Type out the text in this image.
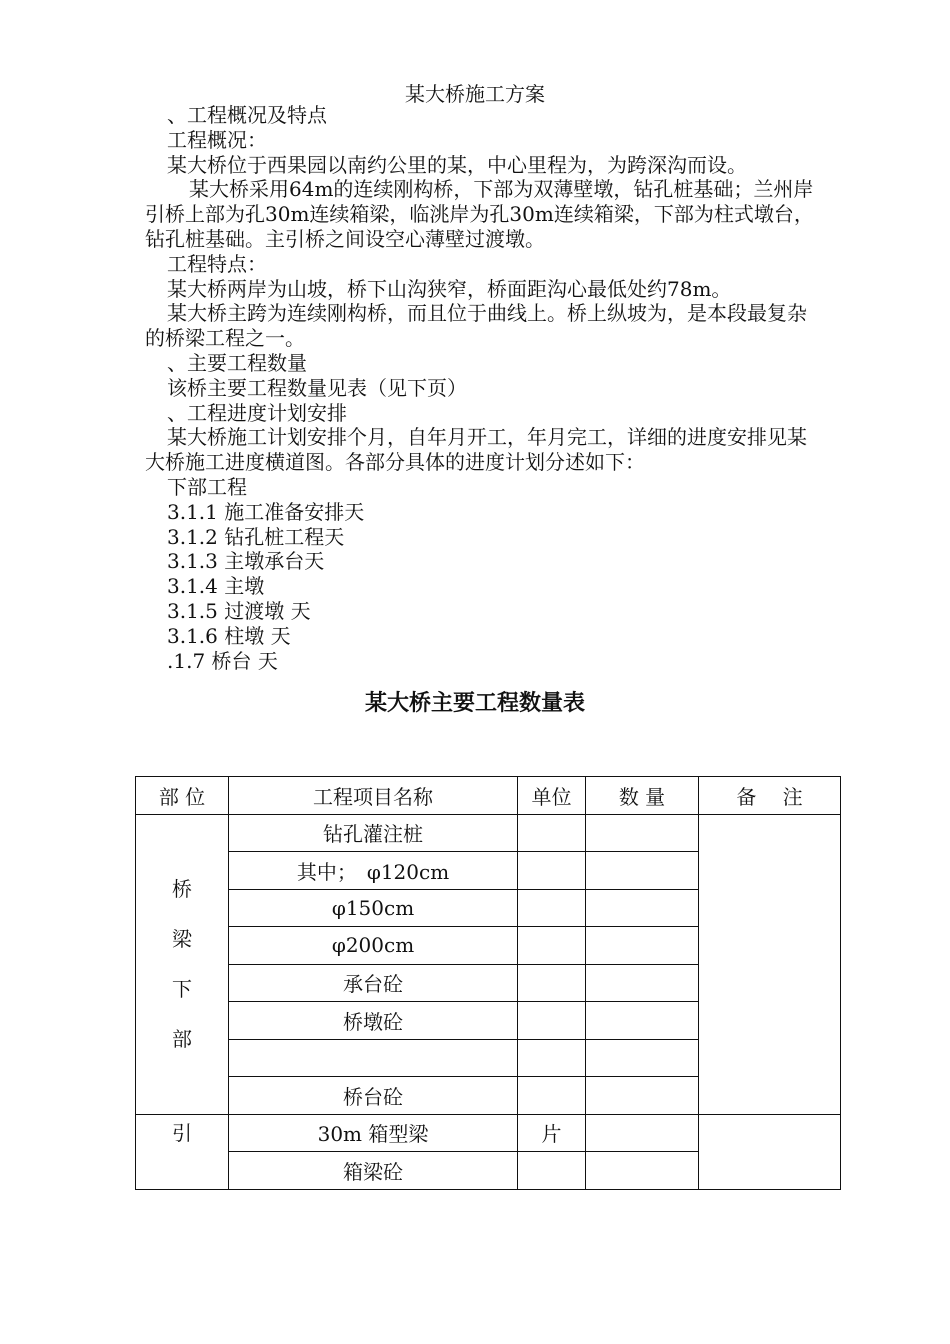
某大桥施工方案

、工程概况及特点

工程概况：

某大桥位于西果园以南约公里的某，中心里程为，为跨深沟而设。

某大桥采用64m的连续刚构桥，下部为双薄壁墩，钻孔桩基础；兰州岸引桥上部为孔30m连续箱梁，临洮岸为孔30m连续箱梁，下部为柱式墩台，钻孔桩基础。主引桥之间设空心薄壁过渡墩。

工程特点：

某大桥两岸为山坡，桥下山沟狭窄，桥面距沟心最低处约78m。

某大桥主跨为连续刚构桥，而且位于曲线上。桥上纵坡为，是本段最复杂的桥梁工程之一。

、主要工程数量

该桥主要工程数量见表（见下页）

、工程进度计划安排

某大桥施工计划安排个月，自年月开工，年月完工，详细的进度安排见某大桥施工进度横道图。各部分具体的进度计划分述如下：

下部工程

3.1.1 施工准备安排天

3.1.2 钻孔桩工程天

3.1.3 主墩承台天

3.1.4 主墩

3.1.5 过渡墩 天

3.1.6 柱墩 天

.1.7 桥台 天

某大桥主要工程数量表
部 位	工程项目名称	单位	数 量	备　 注

桥
梁
下
部	钻孔灌注桩			
	其中；　φ120cm			
	φ150cm			
	φ200cm			
	承台砼			
	桥墩砼			

	桥台砼			
引	30m 箱型梁	片		
	箱梁砼			
